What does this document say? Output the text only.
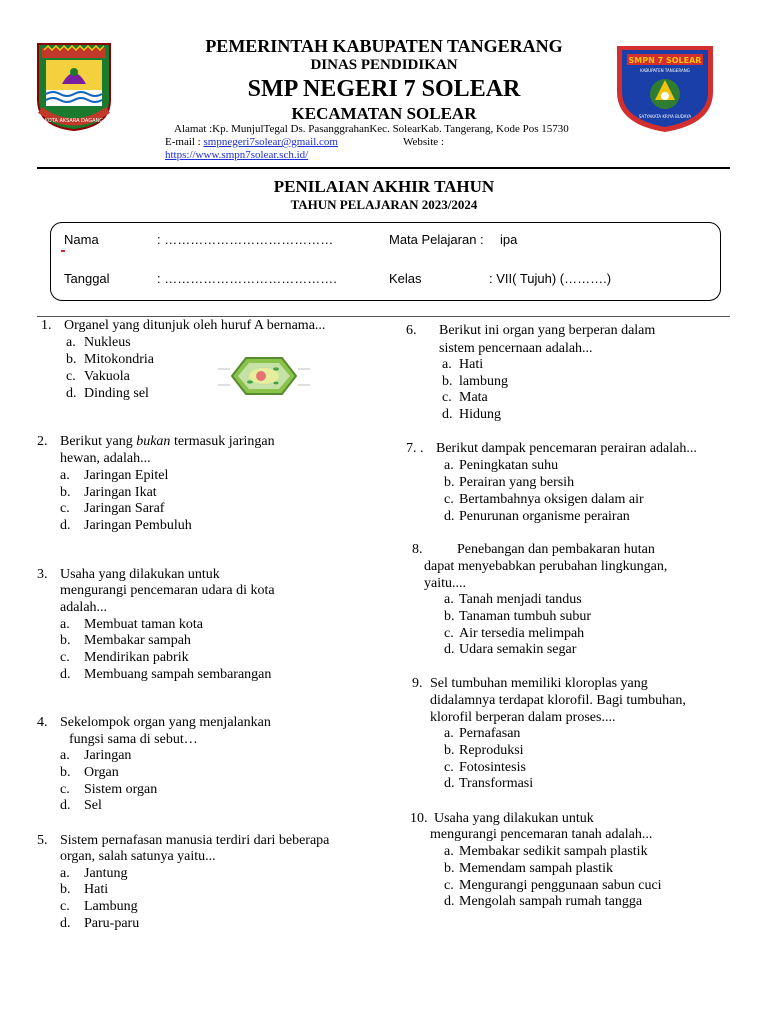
KOTA AKSARA DAGANG
SMPN 7 SOLEAR
KABUPATEN TANGERANG
SATYAKATA KRIYA BUDAYA
PEMERINTAH KABUPATEN TANGERANG
DINAS PENDIDIKAN
SMP NEGERI 7 SOLEAR
KECAMATAN SOLEAR
Alamat :Kp. MunjulTegal Ds. PasanggrahanKec. SolearKab. Tangerang, Kode Pos 15730
E-mail : smpnegeri7solear@gmail.com	Website :
https://www.smpn7solear.sch.id/
PENILAIAN AKHIR TAHUN
TAHUN PELAJARAN 2023/2024
Nama	: …………………………………	Mata Pelajaran : ipa
Tanggal	: ………………………………….	Kelas	: VII( Tujuh) (……….)
1. Organel yang ditunjuk oleh huruf A bernama...
a. Nukleus
b. Mitokondria
c. Vakuola
d. Dinding sel
2. Berikut yang bukan termasuk jaringan
hewan, adalah...
a. Jaringan Epitel
b. Jaringan Ikat
c. Jaringan Saraf
d. Jaringan Pembuluh
3. Usaha yang dilakukan untuk
mengurangi pencemaran udara di kota
adalah...
a. Membuat taman kota
b. Membakar sampah
c. Mendirikan pabrik
d. Membuang sampah sembarangan
4. Sekelompok organ yang menjalankan
fungsi sama di sebut…
a. Jaringan
b. Organ
c. Sistem organ
d. Sel
5. Sistem pernafasan manusia terdiri dari beberapa
organ, salah satunya yaitu...
a. Jantung
b. Hati
c. Lambung
d. Paru-paru
6. Berikut ini organ yang berperan dalam
sistem pencernaan adalah...
a. Hati
b. lambung
c. Mata
d. Hidung
7. . Berikut dampak pencemaran perairan adalah...
a. Peningkatan suhu
b. Perairan yang bersih
c. Bertambahnya oksigen dalam air
d. Penurunan organisme perairan
8. Penebangan dan pembakaran hutan
dapat menyebabkan perubahan lingkungan,
yaitu....
a. Tanah menjadi tandus
b. Tanaman tumbuh subur
c. Air tersedia melimpah
d. Udara semakin segar
9. Sel tumbuhan memiliki kloroplas yang
didalamnya terdapat klorofil. Bagi tumbuhan,
klorofil berperan dalam proses....
a. Pernafasan
b. Reproduksi
c. Fotosintesis
d. Transformasi
10. Usaha yang dilakukan untuk
mengurangi pencemaran tanah adalah...
a. Membakar sedikit sampah plastik
b. Memendam sampah plastik
c. Mengurangi penggunaan sabun cuci
d. Mengolah sampah rumah tangga
